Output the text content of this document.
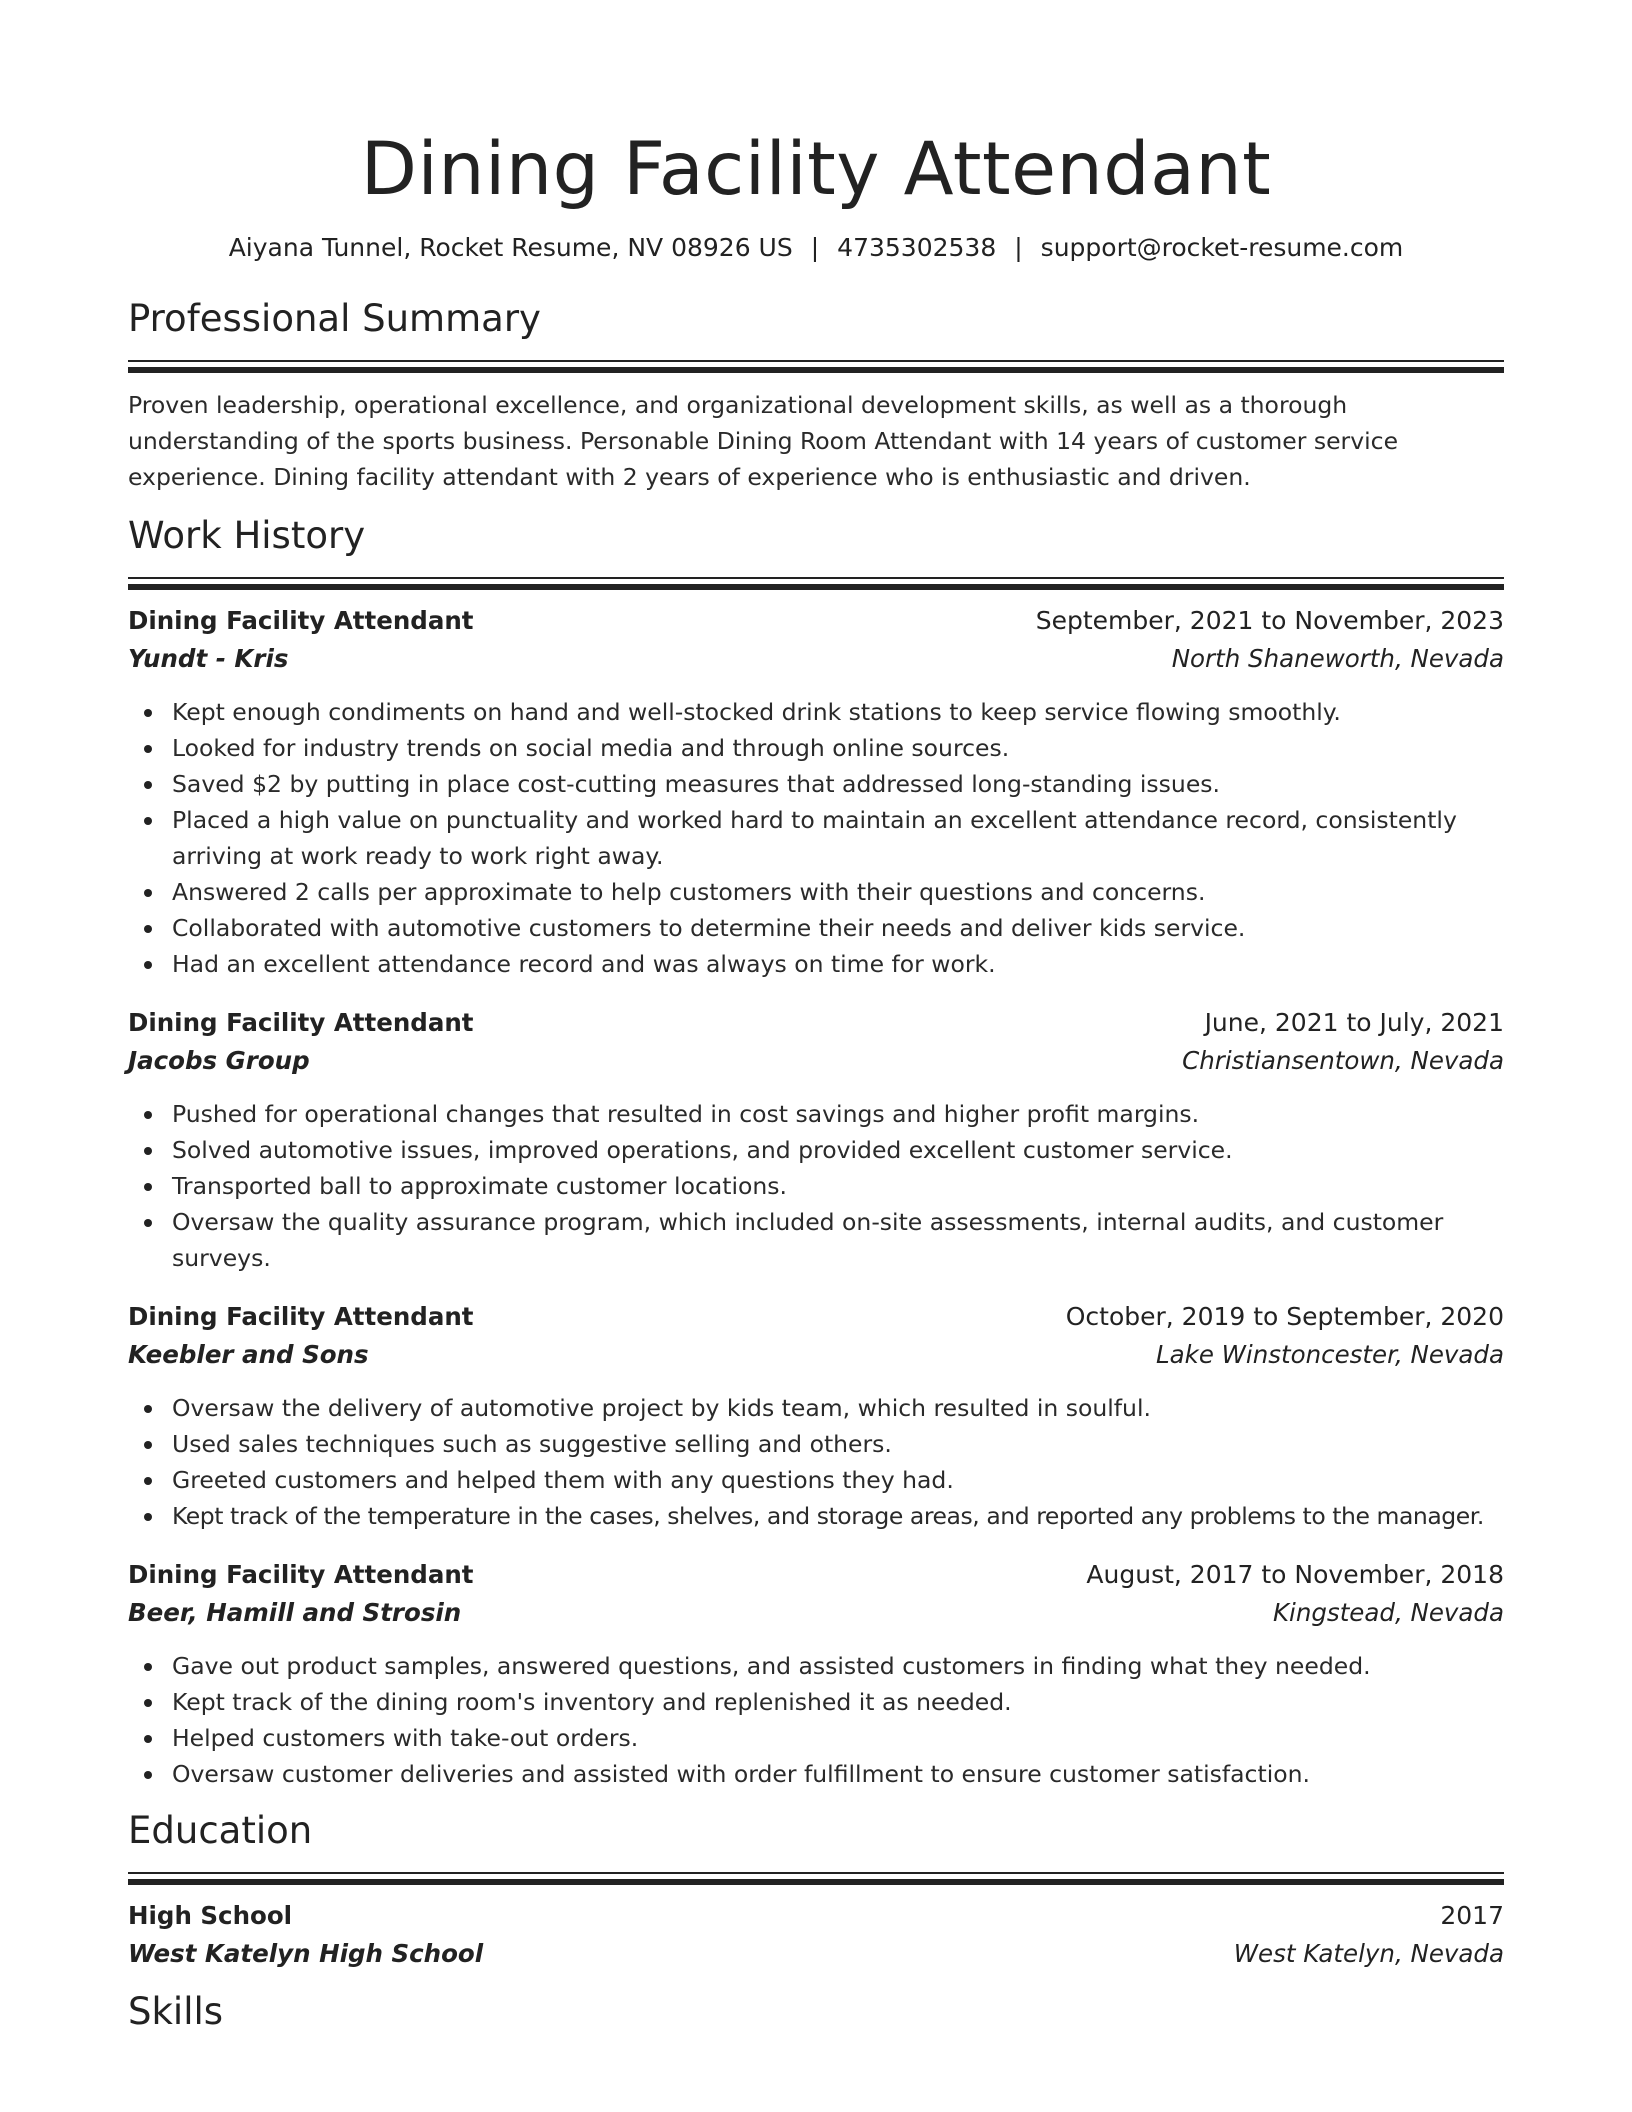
Dining Facility Attendant
Aiyana Tunnel, Rocket Resume, NV 08926 US | 4735302538 | support@rocket-resume.com
Professional Summary

Proven leadership, operational excellence, and organizational development skills, as well as a thorough understanding of the sports business. Personable Dining Room Attendant with 14 years of customer service experience. Dining facility attendant with 2 years of experience who is enthusiastic and driven.

Work History
Dining Facility Attendant	September, 2021 to November, 2023
Yundt - Kris	North Shaneworth, Nevada
Kept enough condiments on hand and well-stocked drink stations to keep service flowing smoothly.
Looked for industry trends on social media and through online sources.
Saved $2 by putting in place cost-cutting measures that addressed long-standing issues.
Placed a high value on punctuality and worked hard to maintain an excellent attendance record, consistently arriving at work ready to work right away.
Answered 2 calls per approximate to help customers with their questions and concerns.
Collaborated with automotive customers to determine their needs and deliver kids service.
Had an excellent attendance record and was always on time for work.
Dining Facility Attendant	June, 2021 to July, 2021
Jacobs Group	Christiansentown, Nevada
Pushed for operational changes that resulted in cost savings and higher profit margins.
Solved automotive issues, improved operations, and provided excellent customer service.
Transported ball to approximate customer locations.
Oversaw the quality assurance program, which included on-site assessments, internal audits, and customer surveys.
Dining Facility Attendant	October, 2019 to September, 2020
Keebler and Sons	Lake Winstoncester, Nevada
Oversaw the delivery of automotive project by kids team, which resulted in soulful.
Used sales techniques such as suggestive selling and others.
Greeted customers and helped them with any questions they had.
Kept track of the temperature in the cases, shelves, and storage areas, and reported any problems to the manager.
Dining Facility Attendant	August, 2017 to November, 2018
Beer, Hamill and Strosin	Kingstead, Nevada
Gave out product samples, answered questions, and assisted customers in finding what they needed.
Kept track of the dining room's inventory and replenished it as needed.
Helped customers with take-out orders.
Oversaw customer deliveries and assisted with order fulfillment to ensure customer satisfaction.
Education
High School	2017
West Katelyn High School	West Katelyn, Nevada
Skills
